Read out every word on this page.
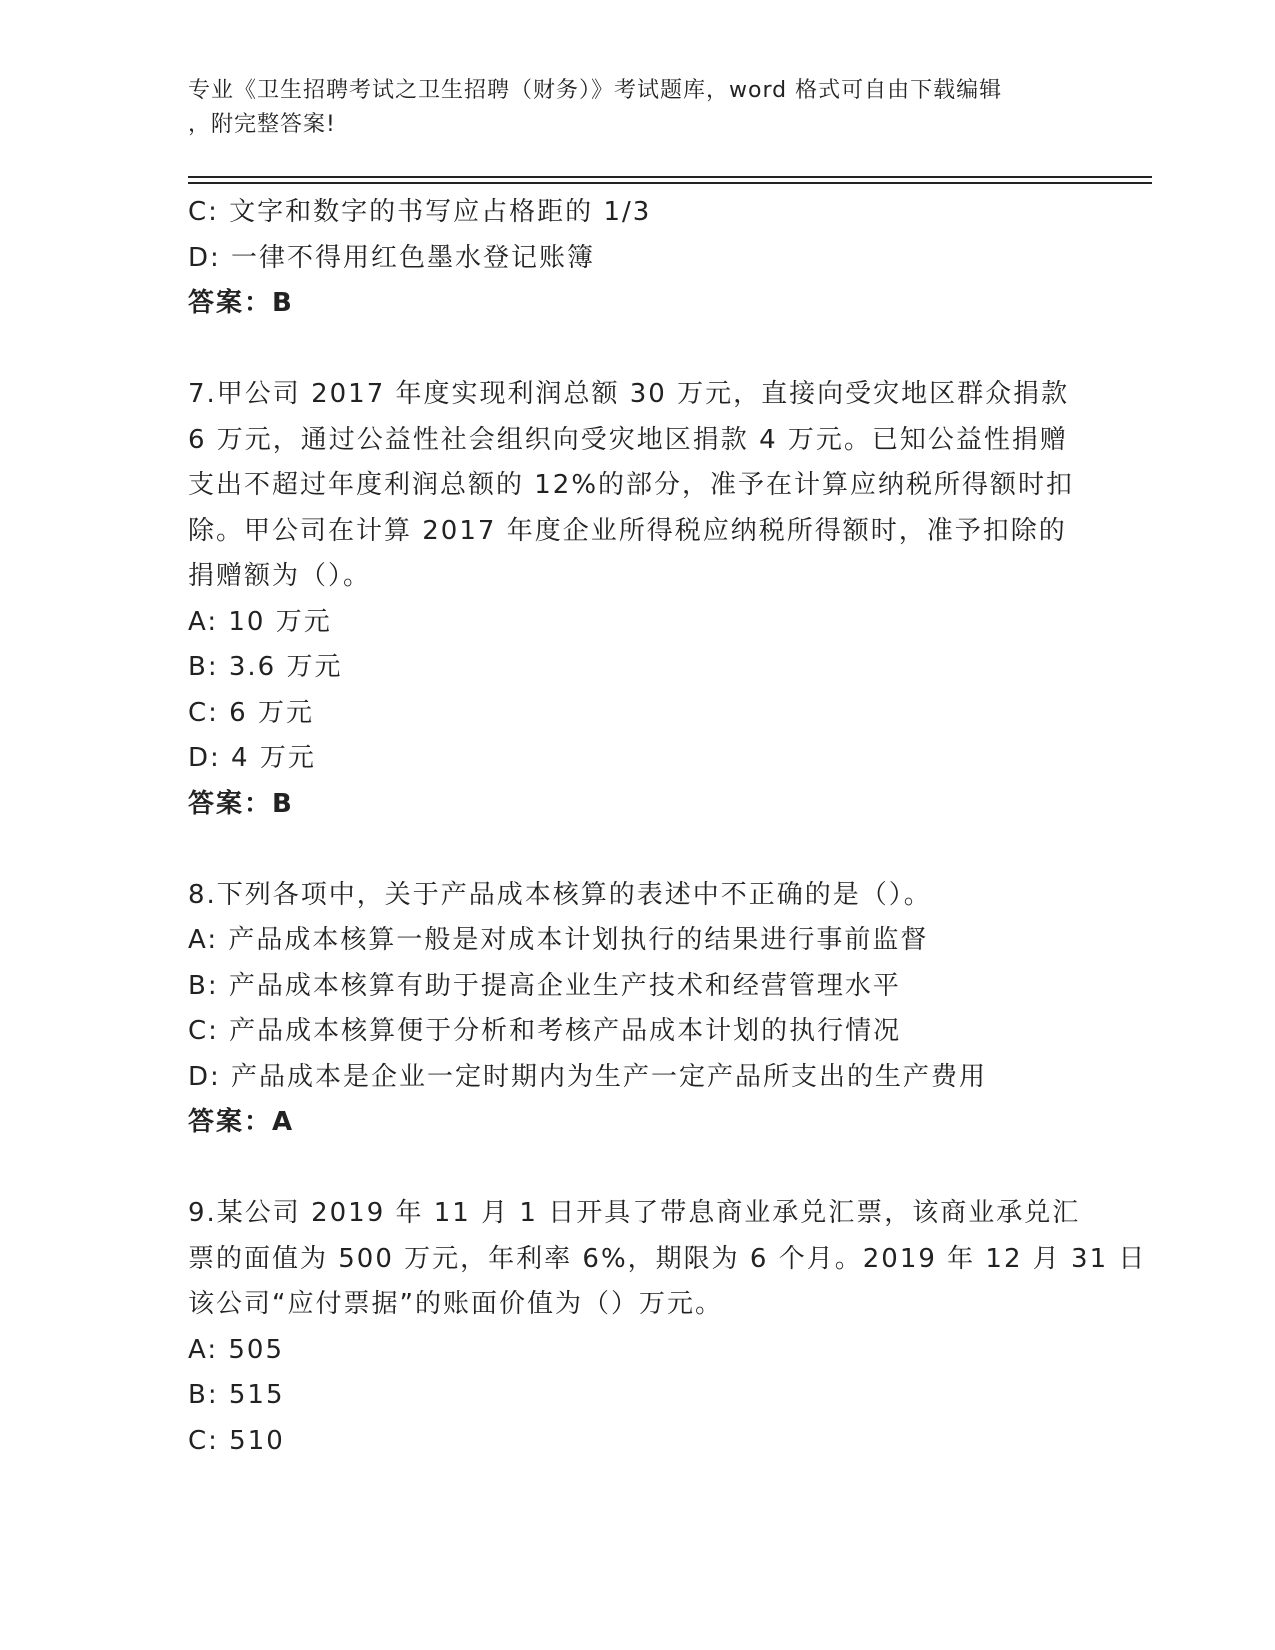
专业《卫生招聘考试之卫生招聘（财务）》考试题库，word 格式可自由下载编辑
，附完整答案!
C: 文字和数字的书写应占格距的 1/3
D: 一律不得用红色墨水登记账簿
答案：B
7.甲公司 2017 年度实现利润总额 30 万元，直接向受灾地区群众捐款
6 万元，通过公益性社会组织向受灾地区捐款 4 万元。已知公益性捐赠
支出不超过年度利润总额的 12%的部分，准予在计算应纳税所得额时扣
除。甲公司在计算 2017 年度企业所得税应纳税所得额时，准予扣除的
捐赠额为（）。
A: 10 万元
B: 3.6 万元
C: 6 万元
D: 4 万元
答案：B
8.下列各项中，关于产品成本核算的表述中不正确的是（）。
A: 产品成本核算一般是对成本计划执行的结果进行事前监督
B: 产品成本核算有助于提高企业生产技术和经营管理水平
C: 产品成本核算便于分析和考核产品成本计划的执行情况
D: 产品成本是企业一定时期内为生产一定产品所支出的生产费用
答案：A
9.某公司 2019 年 11 月 1 日开具了带息商业承兑汇票，该商业承兑汇
票的面值为 500 万元，年利率 6%，期限为 6 个月。2019 年 12 月 31 日
该公司“应付票据”的账面价值为（）万元。
A: 505
B: 515
C: 510
